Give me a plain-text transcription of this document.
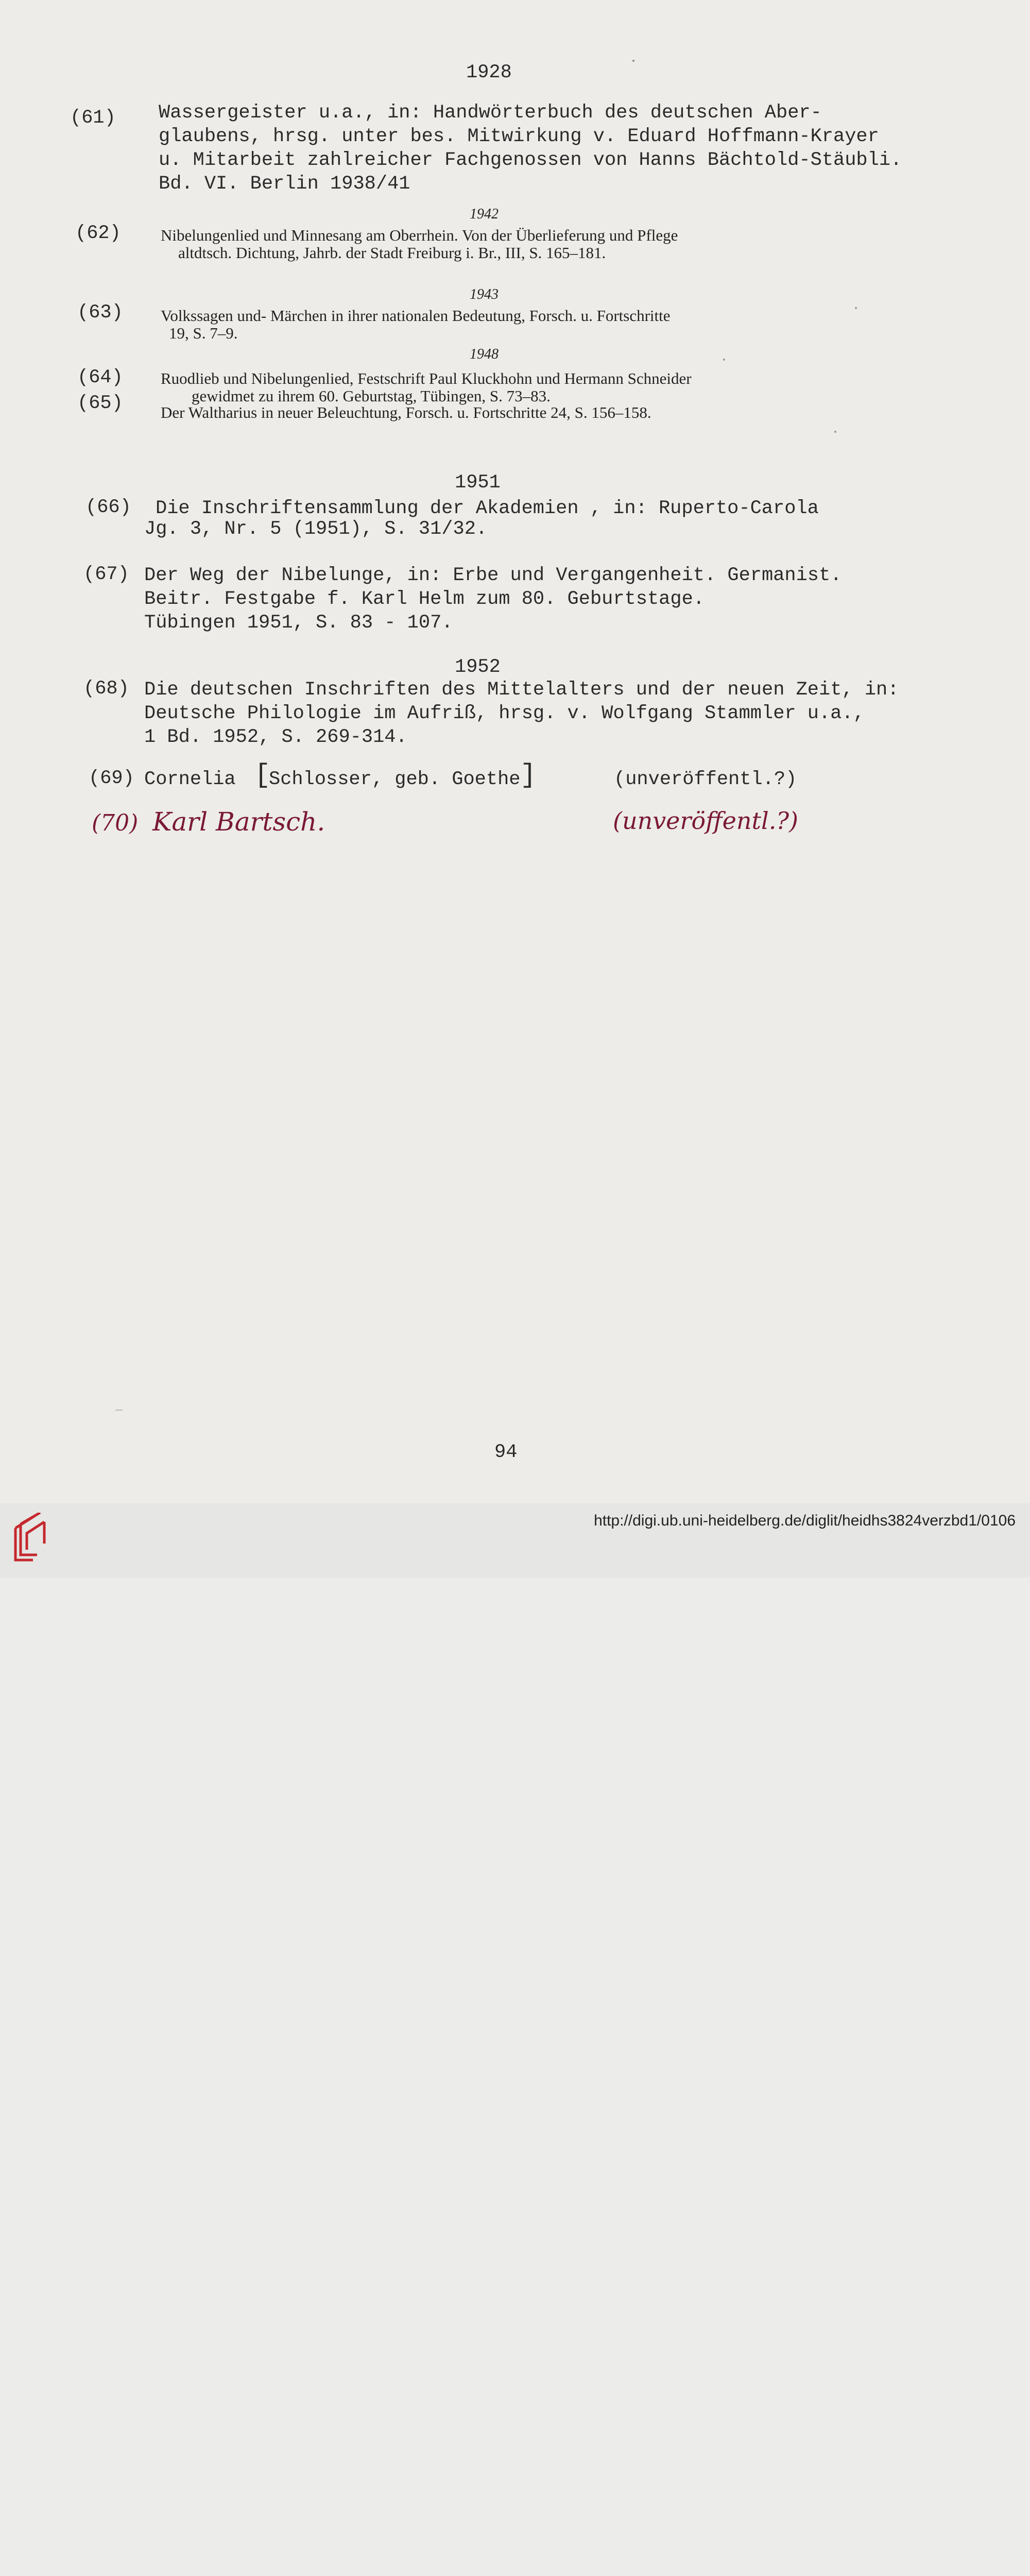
1928
(61) Wassergeister u.a., in: Handwörterbuch des deutschen Aber-
glaubens, hrsg. unter bes. Mitwirkung v. Eduard Hoffmann-Krayer
u. Mitarbeit zahlreicher Fachgenossen von Hanns Bächtold-Stäubli.
Bd. VI. Berlin 1938/41
1942
(62) Nibelungenlied und Minnesang am Oberrhein. Von der Überlieferung und Pflege
altdtsch. Dichtung, Jahrb. der Stadt Freiburg i. Br., III, S. 165–181.
1943
(63) Volkssagen und- Märchen in ihrer nationalen Bedeutung, Forsch. u. Fortschritte
19, S. 7–9.
1948
(64)
(65)
Ruodlieb und Nibelungenlied, Festschrift Paul Kluckhohn und Hermann Schneider
gewidmet zu ihrem 60. Geburtstag, Tübingen, S. 73–83.
Der Waltharius in neuer Beleuchtung, Forsch. u. Fortschritte 24, S. 156–158.
1951
(66) Die Inschriftensammlung der Akademien , in: Ruperto-Carola
Jg. 3, Nr. 5 (1951), S. 31/32.
(67) Der Weg der Nibelunge, in: Erbe und Vergangenheit. Germanist.
Beitr. Festgabe f. Karl Helm zum 80. Geburtstage.
Tübingen 1951, S. 83 - 107.
1952
(68) Die deutschen Inschriften des Mittelalters und der neuen Zeit, in:
Deutsche Philologie im Aufriß, hrsg. v. Wolfgang Stammler u.a.,
1 Bd. 1952, S. 269-314.
(69) Cornelia [
Schlosser, geb. Goethe ]	(unveröffentl.?)
(70) Karl Bartsch.	(unveröffentl.?)
94
http://digi.ub.uni-heidelberg.de/diglit/heidhs3824verzbd1/0106
